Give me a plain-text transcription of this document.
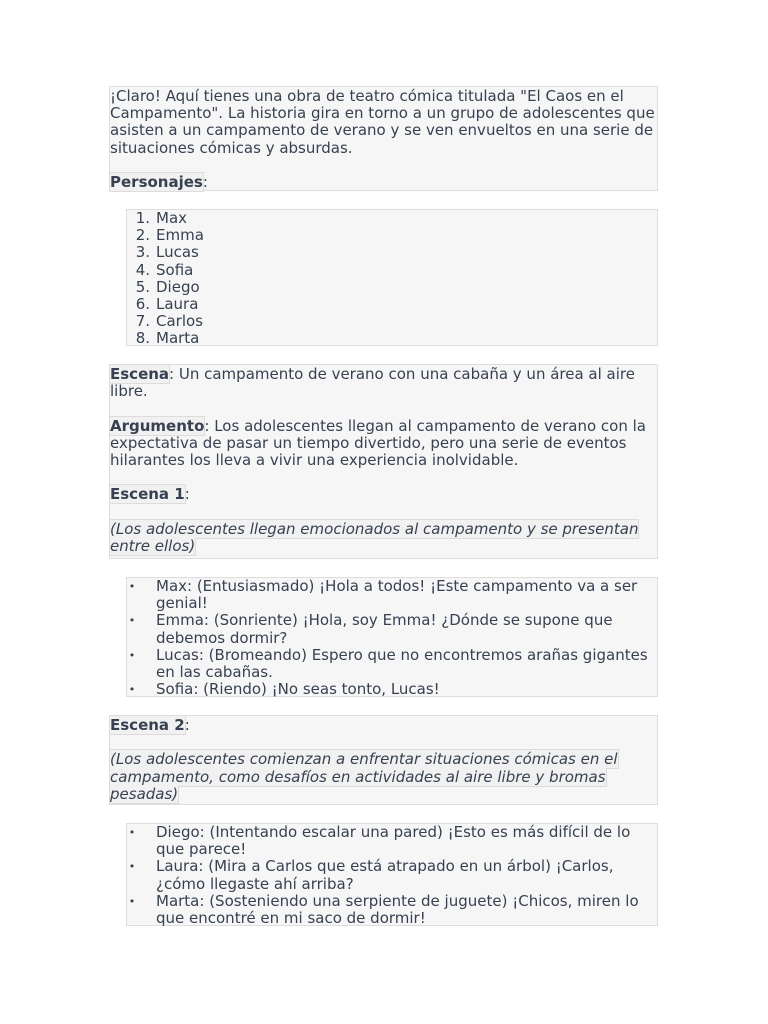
¡Claro! Aquí tienes una obra de teatro cómica titulada "El Caos en el Campamento". La historia gira en torno a un grupo de adolescentes que asisten a un campamento de verano y se ven envueltos en una serie de situaciones cómicas y absurdas.

Personajes:

1. Max
2. Emma
3. Lucas
4. Sofia
5. Diego
6. Laura
7. Carlos
8. Marta

Escena: Un campamento de verano con una cabaña y un área al aire libre.

Argumento: Los adolescentes llegan al campamento de verano con la expectativa de pasar un tiempo divertido, pero una serie de eventos hilarantes los lleva a vivir una experiencia inolvidable.

Escena 1:

(Los adolescentes llegan emocionados al campamento y se presentan entre ellos)

• Max: (Entusiasmado) ¡Hola a todos! ¡Este campamento va a ser genial!
• Emma: (Sonriente) ¡Hola, soy Emma! ¿Dónde se supone que debemos dormir?
• Lucas: (Bromeando) Espero que no encontremos arañas gigantes en las cabañas.
• Sofia: (Riendo) ¡No seas tonto, Lucas!

Escena 2:

(Los adolescentes comienzan a enfrentar situaciones cómicas en el campamento, como desafíos en actividades al aire libre y bromas pesadas)

• Diego: (Intentando escalar una pared) ¡Esto es más difícil de lo que parece!
• Laura: (Mira a Carlos que está atrapado en un árbol) ¡Carlos, ¿cómo llegaste ahí arriba?
• Marta: (Sosteniendo una serpiente de juguete) ¡Chicos, miren lo que encontré en mi saco de dormir!
